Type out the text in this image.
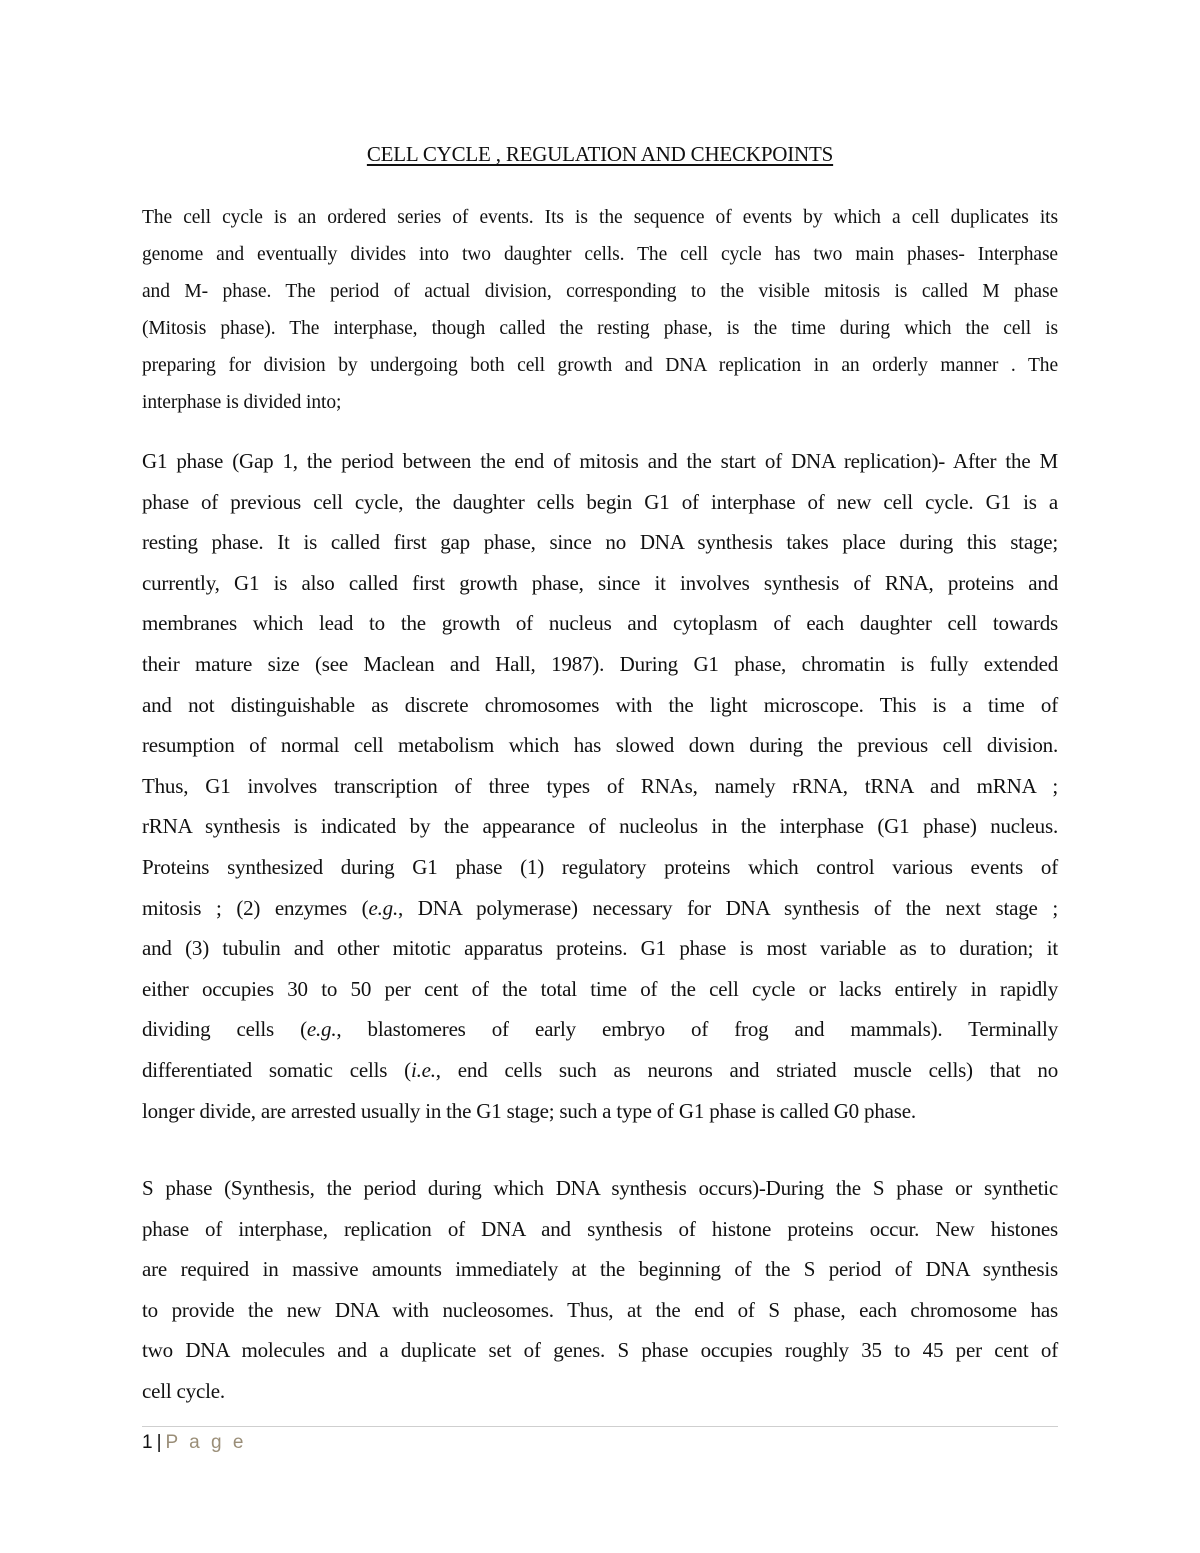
CELL CYCLE , REGULATION AND CHECKPOINTS
The cell cycle is an ordered series of events. Its is the sequence of events by which a cell duplicates its
genome and eventually divides into two daughter cells. The cell cycle has two main phases- Interphase
and M- phase. The period of actual division, corresponding to the visible mitosis is called M phase
(Mitosis phase). The interphase, though called the resting phase, is the time during which the cell is
preparing for division by undergoing both cell growth and DNA replication in an orderly manner . The
interphase is divided into;
G1 phase (Gap 1, the period between the end of mitosis and the start of DNA replication)- After the M
phase of previous cell cycle, the daughter cells begin G1 of interphase of new cell cycle. G1 is a
resting phase. It is called first gap phase, since no DNA synthesis takes place during this stage;
currently, G1 is also called first growth phase, since it involves synthesis of RNA, proteins and
membranes which lead to the growth of nucleus and cytoplasm of each daughter cell towards
their mature size (see Maclean and Hall, 1987). During G1 phase, chromatin is fully extended
and not distinguishable as discrete chromosomes with the light microscope. This is a time of
resumption of normal cell metabolism which has slowed down during the previous cell division.
Thus, G1 involves transcription of three types of RNAs, namely rRNA, tRNA and mRNA ;
rRNA synthesis is indicated by the appearance of nucleolus in the interphase (G1 phase) nucleus.
Proteins synthesized during G1 phase (1) regulatory proteins which control various events of
mitosis ; (2) enzymes (e.g., DNA polymerase) necessary for DNA synthesis of the next stage ;
and (3) tubulin and other mitotic apparatus proteins. G1 phase is most variable as to duration; it
either occupies 30 to 50 per cent of the total time of the cell cycle or lacks entirely in rapidly
dividing cells (e.g., blastomeres of early embryo of frog and mammals). Terminally
differentiated somatic cells (i.e., end cells such as neurons and striated muscle cells) that no
longer divide, are arrested usually in the G1 stage; such a type of G1 phase is called G0 phase.
S phase (Synthesis, the period during which DNA synthesis occurs)-During the S phase or synthetic
phase of interphase, replication of DNA and synthesis of histone proteins occur. New histones
are required in massive amounts immediately at the beginning of the S period of DNA synthesis
to provide the new DNA with nucleosomes. Thus, at the end of S phase, each chromosome has
two DNA molecules and a duplicate set of genes. S phase occupies roughly 35 to 45 per cent of
cell cycle.
1 | P a g e
